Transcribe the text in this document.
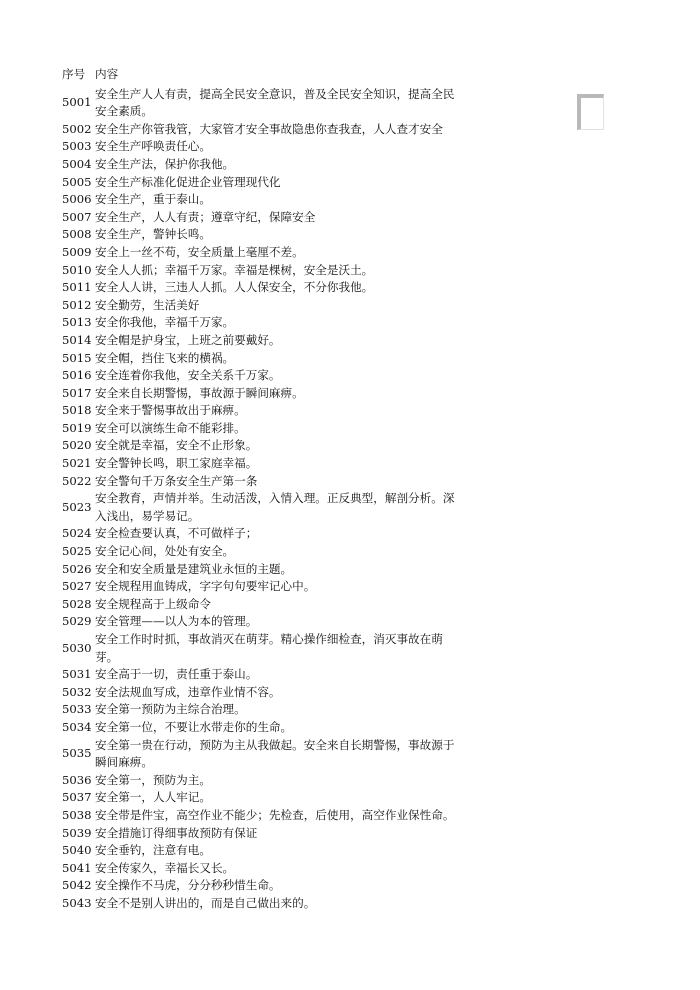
序号 内容
5001
安全生产人人有责，提高全民安全意识，普及全民安全知识，提高全民安全素质。
5002 安全生产你管我管，大家管才安全事故隐患你查我查，人人查才安全
5003 安全生产呼唤责任心。
5004 安全生产法，保护你我他。
5005 安全生产标准化促进企业管理现代化
5006 安全生产，重于泰山。
5007 安全生产，人人有责；遵章守纪，保障安全
5008 安全生产，警钟长鸣。
5009 安全上一丝不苟，安全质量上毫厘不差。
5010 安全人人抓；幸福千万家。幸福是棵树，安全是沃土。
5011 安全人人讲，三违人人抓。人人保安全，不分你我他。
5012 安全勤劳，生活美好
5013 安全你我他，幸福千万家。
5014 安全帽是护身宝，上班之前要戴好。
5015 安全帽，挡住飞来的横祸。
5016 安全连着你我他，安全关系千万家。
5017 安全来自长期警惕，事故源于瞬间麻痹。
5018 安全来于警惕事故出于麻痹。
5019 安全可以演练生命不能彩排。
5020 安全就是幸福，安全不止形象。
5021 安全警钟长鸣，职工家庭幸福。
5022 安全警句千万条安全生产第一条
5023
安全教育，声情并举。生动活泼，入情入理。正反典型，解剖分析。深入浅出，易学易记。
5024 安全检查要认真，不可做样子；
5025 安全记心间，处处有安全。
5026 安全和安全质量是建筑业永恒的主题。
5027 安全规程用血铸成，字字句句要牢记心中。
5028 安全规程高于上级命令
5029 安全管理——以人为本的管理。
5030
安全工作时时抓，事故消灭在萌芽。精心操作细检查，消灭事故在萌芽。
5031 安全高于一切，责任重于泰山。
5032 安全法规血写成，违章作业情不容。
5033 安全第一预防为主综合治理。
5034 安全第一位，不要让水带走你的生命。
5035
安全第一贵在行动，预防为主从我做起。安全来自长期警惕，事故源于瞬间麻痹。
5036 安全第一，预防为主。
5037 安全第一，人人牢记。
5038 安全带是件宝，高空作业不能少；先检查，后使用，高空作业保性命。
5039 安全措施订得细事故预防有保证
5040 安全垂钓，注意有电。
5041 安全传家久，幸福长又长。
5042 安全操作不马虎，分分秒秒惜生命。
5043 安全不是别人讲出的，而是自己做出来的。
